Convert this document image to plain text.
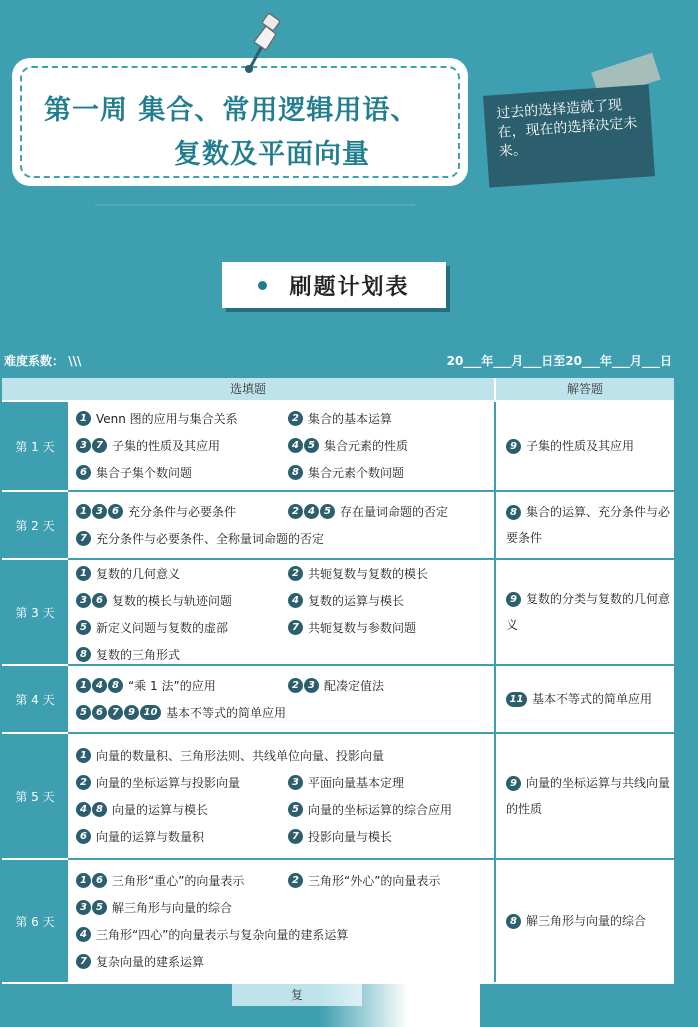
第一周 集合、常用逻辑用语、
复数及平面向量
过去的选择造就了现在，现在的选择决定未来。
刷题计划表
难度系数： \\\	20___年___月___日至20___年___月___日
选填题	解答题
第 1 天
1 Venn 图的应用与集合关系	2 集合的基本运算
3 7 子集的性质及其应用	4 5 集合元素的性质
6 集合子集个数问题	8 集合元素个数问题
9 子集的性质及其应用
第 2 天
1 3 6 充分条件与必要条件	2 4 5 存在量词命题的否定
7 充分条件与必要条件、全称量词命题的否定
8 集合的运算、充分条件与必要条件
第 3 天
1 复数的几何意义	2 共轭复数与复数的模长
3 6 复数的模长与轨迹问题	4 复数的运算与模长
5 新定义问题与复数的虚部	7 共轭复数与参数问题
8 复数的三角形式
9 复数的分类与复数的几何意义
第 4 天
1 4 8 “乘 1 法”的应用	2 3 配凑定值法
5 6 7 9 10 基本不等式的简单应用
11 基本不等式的简单应用
第 5 天
1 向量的数量积、三角形法则、共线单位向量、投影向量
2 向量的坐标运算与投影向量	3 平面向量基本定理
4 8 向量的运算与模长	5 向量的坐标运算的综合应用
6 向量的运算与数量积	7 投影向量与模长
9 向量的坐标运算与共线向量的性质
第 6 天
1 6 三角形“重心”的向量表示	2 三角形“外心”的向量表示
3 5 解三角形与向量的综合
4 三角形“四心”的向量表示与复杂向量的建系运算
7 复杂向量的建系运算
8 解三角形与向量的综合
复
